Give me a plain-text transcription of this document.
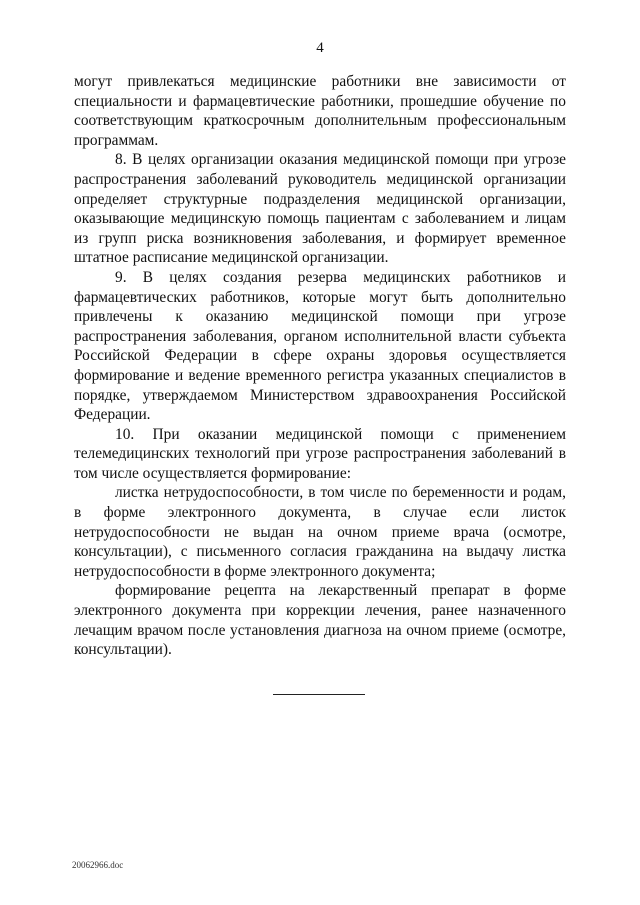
4

могут привлекаться медицинские работники вне зависимости от специальности и фармацевтические работники, прошедшие обучение по соответствующим краткосрочным дополнительным профессиональным программам.

8. В целях организации оказания медицинской помощи при угрозе распространения заболеваний руководитель медицинской организации определяет структурные подразделения медицинской организации, оказывающие медицинскую помощь пациентам с заболеванием и лицам из групп риска возникновения заболевания, и формирует временное штатное расписание медицинской организации.

9. В целях создания резерва медицинских работников и фармацевтических работников, которые могут быть дополнительно привлечены к оказанию медицинской помощи при угрозе распространения заболевания, органом исполнительной власти субъекта Российской Федерации в сфере охраны здоровья осуществляется формирование и ведение временного регистра указанных специалистов в порядке, утверждаемом Министерством здравоохранения Российской Федерации.

10. При оказании медицинской помощи с применением телемедицинских технологий при угрозе распространения заболеваний в том числе осуществляется формирование:

листка нетрудоспособности, в том числе по беременности и родам, в форме электронного документа, в случае если листок нетрудоспособности не выдан на очном приеме врача (осмотре, консультации), с письменного согласия гражданина на выдачу листка нетрудоспособности в форме электронного документа;

формирование рецепта на лекарственный препарат в форме электронного документа при коррекции лечения, ранее назначенного лечащим врачом после установления диагноза на очном приеме (осмотре, консультации).

20062966.doc
